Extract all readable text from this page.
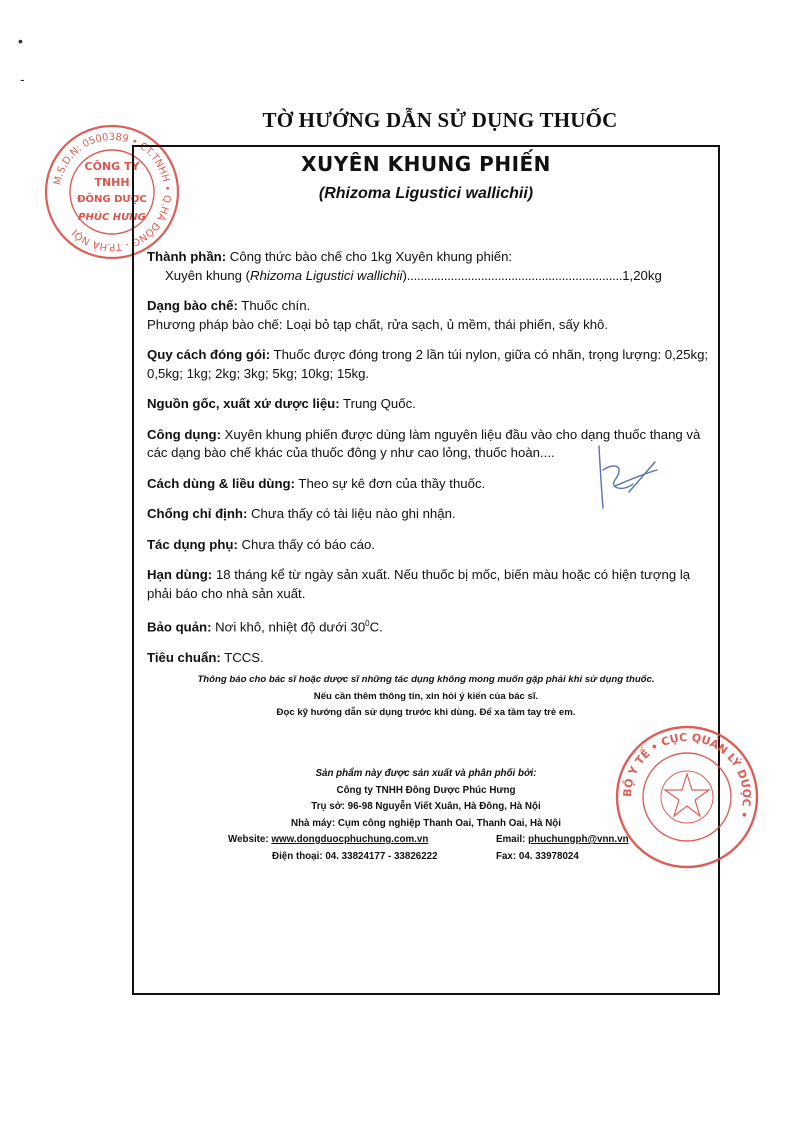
•
-
M.S.D.N: 0500389 • CT.TNHH • Q.HÀ ĐÔNG - TP.HÀ NỘI
CÔNG TY
TNHH
ĐÔNG DƯỢC
PHÚC HƯNG
TỜ HƯỚNG DẪN SỬ DỤNG THUỐC
XUYÊN KHUNG PHIẾN
(Rhizoma Ligustici wallichii)

Thành phần: Công thức bào chế cho 1kg Xuyên khung phiến:
Xuyên khung (Rhizoma Ligustici wallichii)................................................................1,20kg

Dạng bào chế: Thuốc chín.
Phương pháp bào chế: Loại bỏ tạp chất, rửa sạch, ủ mềm, thái phiến, sấy khô.

Quy cách đóng gói: Thuốc được đóng trong 2 lần túi nylon, giữa có nhãn, trọng lượng: 0,25kg; 0,5kg; 1kg; 2kg; 3kg; 5kg; 10kg; 15kg.

Nguồn gốc, xuất xứ dược liệu: Trung Quốc.

Công dụng: Xuyên khung phiến được dùng làm nguyên liệu đầu vào cho dạng thuốc thang và các dạng bào chế khác của thuốc đông y như cao lỏng, thuốc hoàn....

Cách dùng & liều dùng: Theo sự kê đơn của thầy thuốc.

Chống chỉ định: Chưa thấy có tài liệu nào ghi nhận.

Tác dụng phụ: Chưa thấy có báo cáo.

Hạn dùng: 18 tháng kể từ ngày sản xuất. Nếu thuốc bị mốc, biến màu hoặc có hiện tượng lạ phải báo cho nhà sản xuất.

Bảo quản: Nơi khô, nhiệt độ dưới $30^0C$.

Tiêu chuẩn: TCCS.

Thông báo cho bác sĩ hoặc dược sĩ những tác dụng không mong muốn gặp phải khi sử dụng thuốc.
Nếu cần thêm thông tin, xin hỏi ý kiến của bác sĩ.
Đọc kỹ hướng dẫn sử dụng trước khi dùng. Để xa tầm tay trẻ em.
Sản phẩm này được sản xuất và phân phối bởi:
Công ty TNHH Đông Dược Phúc Hưng
Trụ sở: 96-98 Nguyễn Viết Xuân, Hà Đông, Hà Nội
Nhà máy: Cụm công nghiệp Thanh Oai, Thanh Oai, Hà Nội
Website: www.dongduocphuchung.com.vn	Email: phuchungph@vnn.vn
Điện thoại: 04. 33824177 - 33826222	Fax: 04. 33978024
BỘ Y TẾ • CỤC QUẢN LÝ DƯỢC •
